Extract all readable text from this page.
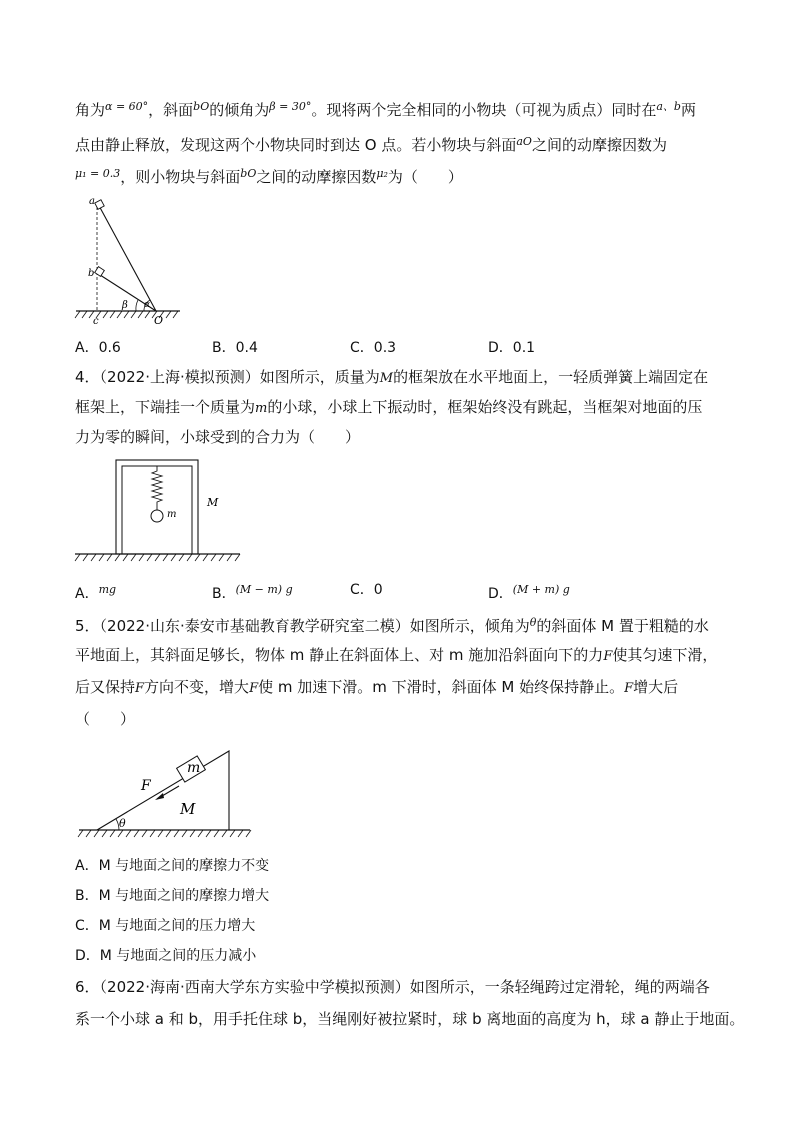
角为$^{\alpha = 60^\circ}$，斜面$^{bO}$的倾角为$^{\beta = 30^\circ}$。现将两个完全相同的小物块（可视为质点）同时在$^{a、b}$两
点由静止释放，发现这两个小物块同时到达 O 点。若小物块与斜面$^{aO}$之间的动摩擦因数为
$^{\mu_1 = 0.3}$，则小物块与斜面$^{bO}$之间的动摩擦因数$^{\mu_2}$为（　　）
a
b
c	O
β α
A．0.6	B．0.4	C．0.3	D．0.1
4．（2022·上海·模拟预测）如图所示，质量为M的框架放在水平地面上，一轻质弹簧上端固定在
框架上，下端挂一个质量为m的小球，小球上下振动时，框架始终没有跳起，当框架对地面的压
力为零的瞬间，小球受到的合力为（　　）
m
M
A．$^{mg}$	B．$^{(M - m) g}$	C．0	D．$^{(M + m) g}$
5．（2022·山东·泰安市基础教育教学研究室二模）如图所示，倾角为$^\theta$的斜面体 M 置于粗糙的水
平地面上，其斜面足够长，物体 m 静止在斜面体上、对 m 施加沿斜面向下的力F使其匀速下滑，
后又保持F方向不变，增大F使 m 加速下滑。m 下滑时，斜面体 M 始终保持静止。F增大后
（　　）
m
M
F
θ
A．M 与地面之间的摩擦力不变
B．M 与地面之间的摩擦力增大
C．M 与地面之间的压力增大
D．M 与地面之间的压力减小
6．（2022·海南·西南大学东方实验中学模拟预测）如图所示，一条轻绳跨过定滑轮，绳的两端各
系一个小球 a 和 b，用手托住球 b，当绳刚好被拉紧时，球 b 离地面的高度为 h，球 a 静止于地面。
